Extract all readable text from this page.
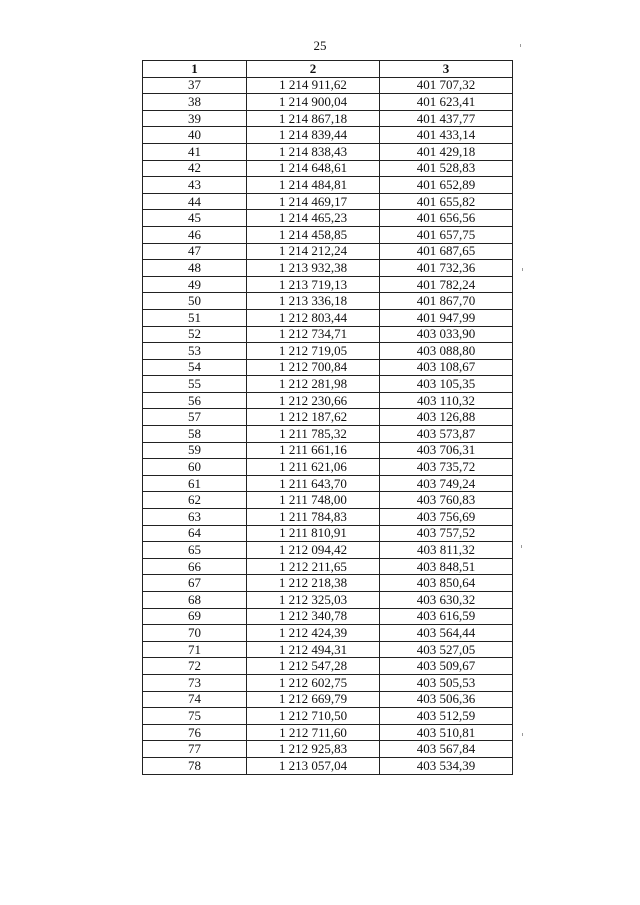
25
1	2	3
37	1 214 911,62	401 707,32
38	1 214 900,04	401 623,41
39	1 214 867,18	401 437,77
40	1 214 839,44	401 433,14
41	1 214 838,43	401 429,18
42	1 214 648,61	401 528,83
43	1 214 484,81	401 652,89
44	1 214 469,17	401 655,82
45	1 214 465,23	401 656,56
46	1 214 458,85	401 657,75
47	1 214 212,24	401 687,65
48	1 213 932,38	401 732,36
49	1 213 719,13	401 782,24
50	1 213 336,18	401 867,70
51	1 212 803,44	401 947,99
52	1 212 734,71	403 033,90
53	1 212 719,05	403 088,80
54	1 212 700,84	403 108,67
55	1 212 281,98	403 105,35
56	1 212 230,66	403 110,32
57	1 212 187,62	403 126,88
58	1 211 785,32	403 573,87
59	1 211 661,16	403 706,31
60	1 211 621,06	403 735,72
61	1 211 643,70	403 749,24
62	1 211 748,00	403 760,83
63	1 211 784,83	403 756,69
64	1 211 810,91	403 757,52
65	1 212 094,42	403 811,32
66	1 212 211,65	403 848,51
67	1 212 218,38	403 850,64
68	1 212 325,03	403 630,32
69	1 212 340,78	403 616,59
70	1 212 424,39	403 564,44
71	1 212 494,31	403 527,05
72	1 212 547,28	403 509,67
73	1 212 602,75	403 505,53
74	1 212 669,79	403 506,36
75	1 212 710,50	403 512,59
76	1 212 711,60	403 510,81
77	1 212 925,83	403 567,84
78	1 213 057,04	403 534,39
